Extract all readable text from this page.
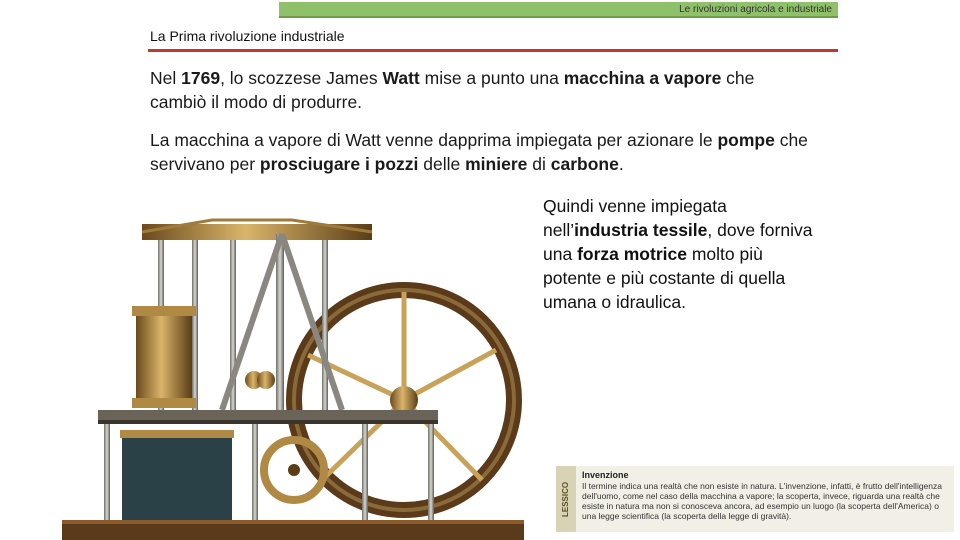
Le rivoluzioni agricola e industriale
La Prima rivoluzione industriale
Nel 1769, lo scozzese James Watt mise a punto una macchina a vapore che cambiò il modo di produrre.
La macchina a vapore di Watt venne dapprima impiegata per azionare le pompe che servivano per prosciugare i pozzi delle miniere di carbone.
Quindi venne impiegata nell’industria tessile, dove forniva una forza motrice molto più potente e più costante di quella umana o idraulica.
LESSICO
Invenzione
Il termine indica una realtà che non esiste in natura. L'invenzione, infatti, è frutto dell'intelligenza dell'uomo, come nel caso della macchina a vapore; la scoperta, invece, riguarda una realtà che esiste in natura ma non si conosceva ancora, ad esempio un luogo (la scoperta dell'America) o una legge scientifica (la scoperta della legge di gravità).
